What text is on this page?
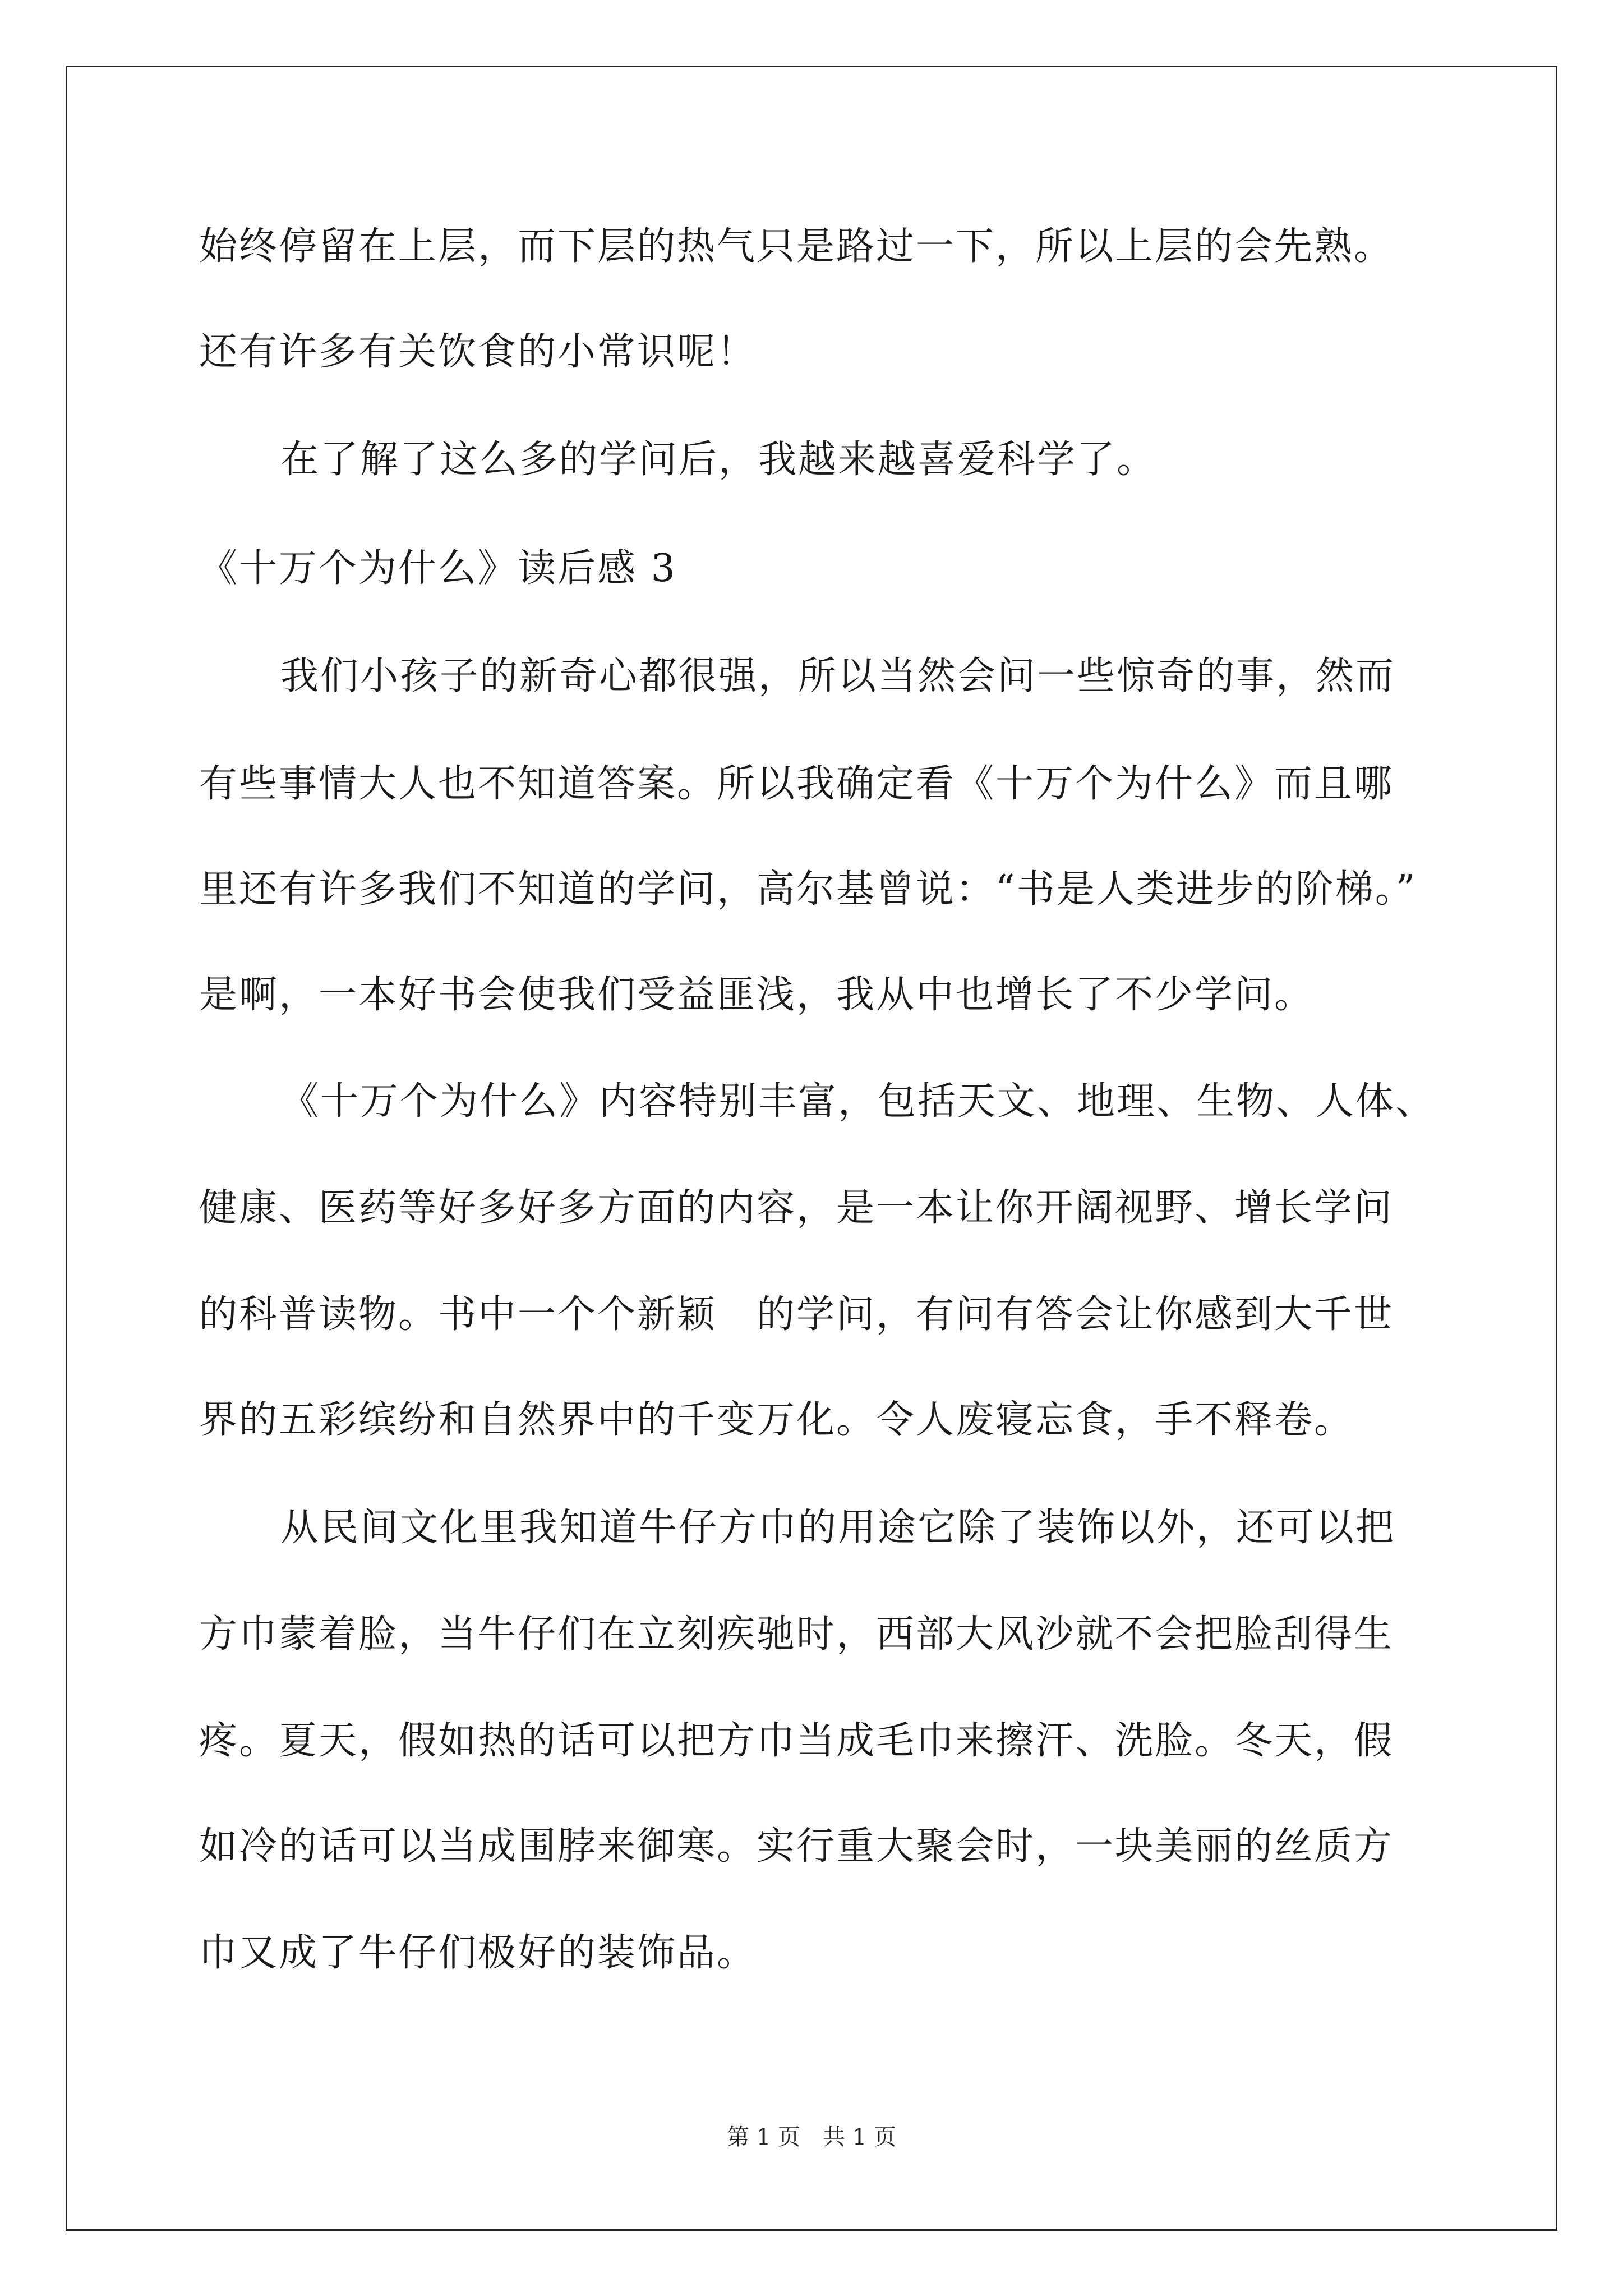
始终停留在上层，而下层的热气只是路过一下，所以上层的会先熟。
还有许多有关饮食的小常识呢！
在了解了这么多的学问后，我越来越喜爱科学了。
《十万个为什么》读后感 3
我们小孩子的新奇心都很强，所以当然会问一些惊奇的事，然而
有些事情大人也不知道答案。所以我确定看《十万个为什么》而且哪
里还有许多我们不知道的学问，高尔基曾说：“书是人类进步的阶梯。”
是啊，一本好书会使我们受益匪浅，我从中也增长了不少学问。
《十万个为什么》内容特别丰富，包括天文、地理、生物、人体、
健康、医药等好多好多方面的内容，是一本让你开阔视野、增长学问
的科普读物。书中一个个新颖　的学问，有问有答会让你感到大千世
界的五彩缤纷和自然界中的千变万化。令人废寝忘食，手不释卷。
从民间文化里我知道牛仔方巾的用途它除了装饰以外，还可以把
方巾蒙着脸，当牛仔们在立刻疾驰时，西部大风沙就不会把脸刮得生
疼。夏天，假如热的话可以把方巾当成毛巾来擦汗、洗脸。冬天，假
如冷的话可以当成围脖来御寒。实行重大聚会时，一块美丽的丝质方
巾又成了牛仔们极好的装饰品。
第 1 页　共 1 页
